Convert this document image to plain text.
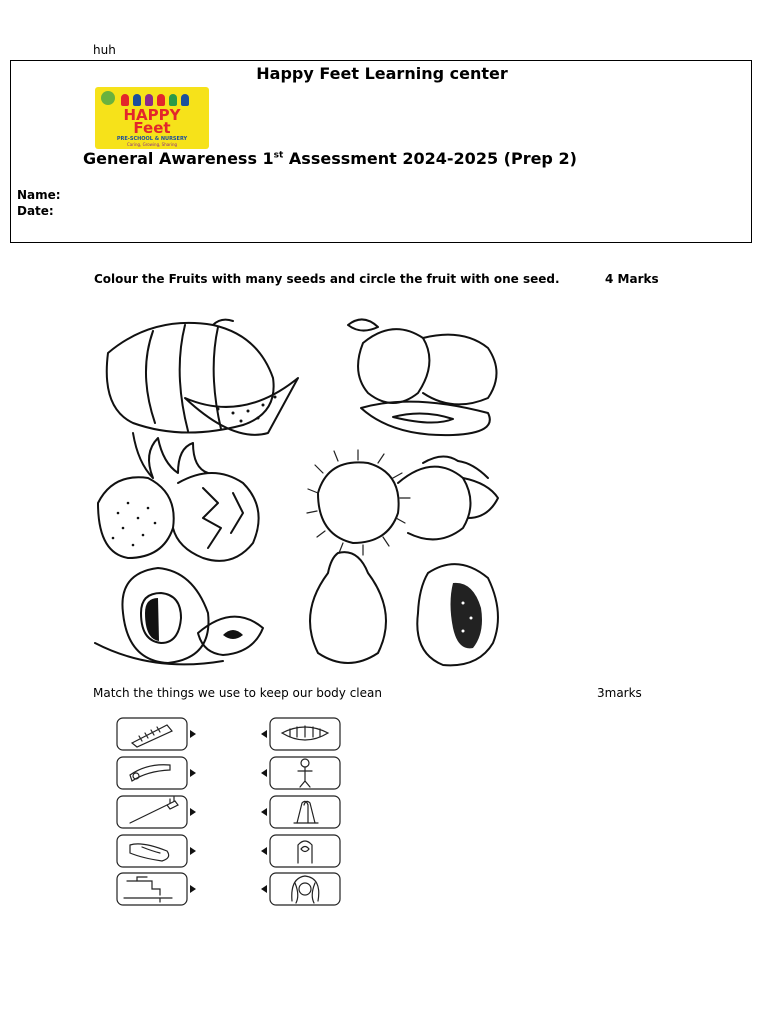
huh
Happy Feet Learning center
HAPPY
Feet
PRE-SCHOOL & NURSERY
Caring, Growing, Sharing
General Awareness 1st Assessment 2024-2025 (Prep 2)
Name:
Date:
Colour the Fruits with many seeds and circle the fruit with one seed.	4 Marks
Match the things we use to keep our body clean	3marks
